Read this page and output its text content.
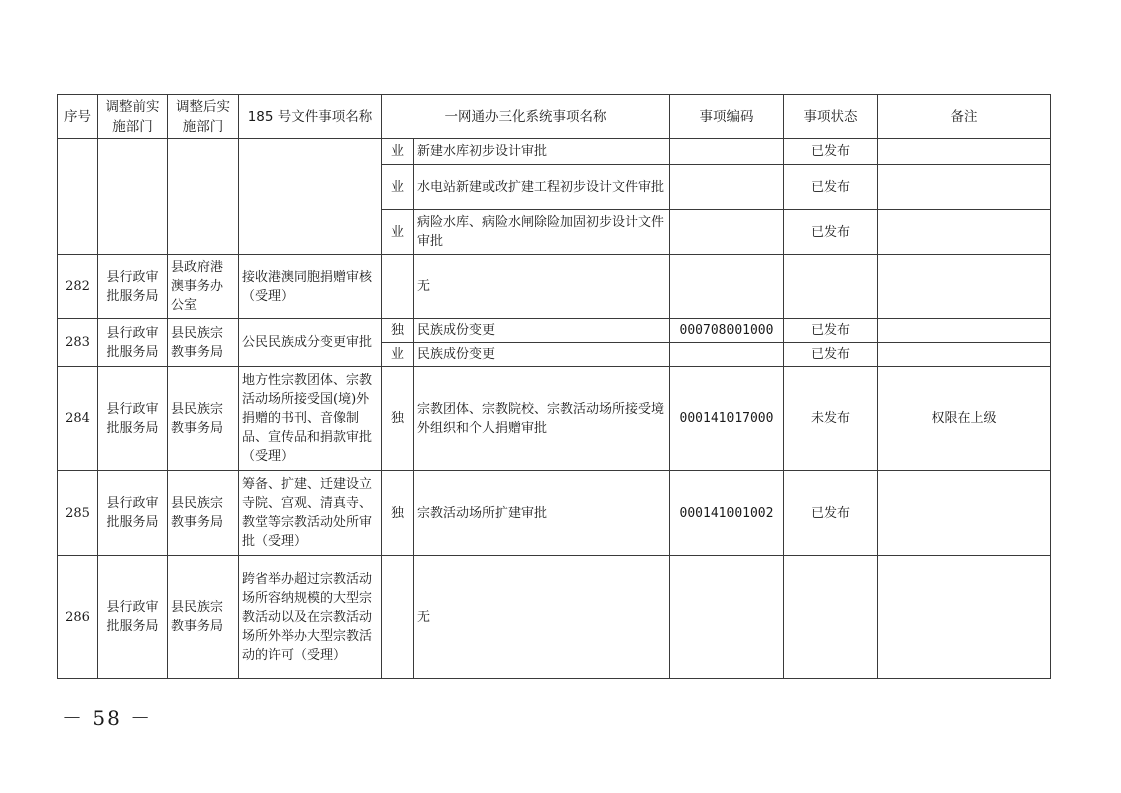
序号	调整前实施部门	调整后实施部门	185 号文件事项名称	一网通办三化系统事项名称		事项编码	事项状态	备注
				业	新建水库初步设计审批		已发布	
				业	水电站新建或改扩建工程初步设计文件审批		已发布	
				业	病险水库、病险水闸除险加固初步设计文件审批		已发布	
282	县行政审批服务局	县政府港澳事务办公室	接收港澳同胞捐赠审核（受理）		无			
283	县行政审批服务局	县民族宗教事务局	公民民族成分变更审批	独	民族成份变更	000708001000	已发布	
				业	民族成份变更		已发布	
284	县行政审批服务局	县民族宗教事务局	地方性宗教团体、宗教活动场所接受国(境)外捐赠的书刊、音像制品、宣传品和捐款审批（受理）	独	宗教团体、宗教院校、宗教活动场所接受境外组织和个人捐赠审批	000141017000	未发布	权限在上级
285	县行政审批服务局	县民族宗教事务局	筹备、扩建、迁建设立寺院、宫观、清真寺、教堂等宗教活动处所审批（受理）	独	宗教活动场所扩建审批	000141001002	已发布	
286	县行政审批服务局	县民族宗教事务局	跨省举办超过宗教活动场所容纳规模的大型宗教活动以及在宗教活动场所外举办大型宗教活动的许可（受理）		无			
－ 58 －
